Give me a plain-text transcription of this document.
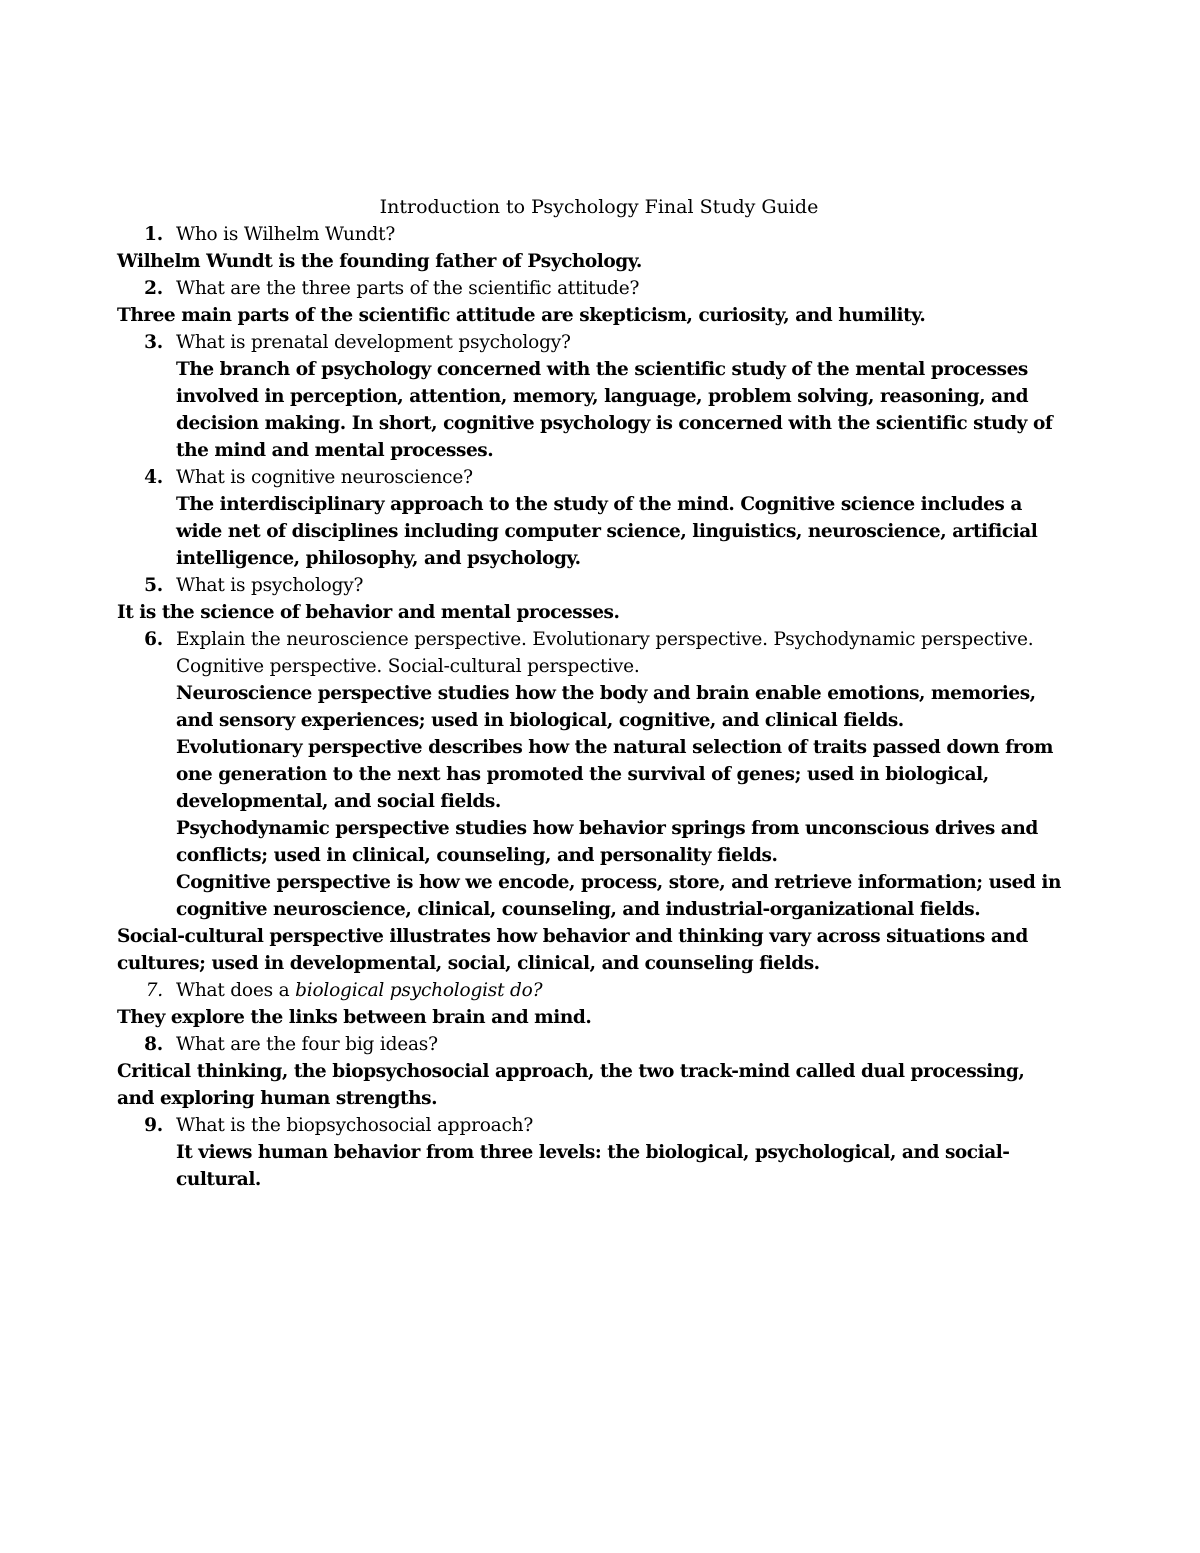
Introduction to Psychology Final Study Guide

1. Who is Wilhelm Wundt?

Wilhelm Wundt is the founding father of Psychology.

2. What are the three parts of the scientific attitude?

Three main parts of the scientific attitude are skepticism, curiosity, and humility.

3. What is prenatal development psychology?

The branch of psychology concerned with the scientific study of the mental processes involved in perception, attention, memory, language, problem solving, reasoning, and decision making. In short, cognitive psychology is concerned with the scientific study of the mind and mental processes.

4. What is cognitive neuroscience?

The interdisciplinary approach to the study of the mind. Cognitive science includes a wide net of disciplines including computer science, linguistics, neuroscience, artificial intelligence, philosophy, and psychology.

5. What is psychology?

It is the science of behavior and mental processes.

6. Explain the neuroscience perspective. Evolutionary perspective. Psychodynamic perspective. Cognitive perspective. Social-cultural perspective.

Neuroscience perspective studies how the body and brain enable emotions, memories, and sensory experiences; used in biological, cognitive, and clinical fields.

Evolutionary perspective describes how the natural selection of traits passed down from one generation to the next has promoted the survival of genes; used in biological, developmental, and social fields.

Psychodynamic perspective studies how behavior springs from unconscious drives and conflicts; used in clinical, counseling, and personality fields.

Cognitive perspective is how we encode, process, store, and retrieve information; used in cognitive neuroscience, clinical, counseling, and industrial-organizational fields.

Social-cultural perspective illustrates how behavior and thinking vary across situations and cultures; used in developmental, social, clinical, and counseling fields.

7. What does a biological psychologist do?

They explore the links between brain and mind.

8. What are the four big ideas?

Critical thinking, the biopsychosocial approach, the two track-mind called dual processing, and exploring human strengths.

9. What is the biopsychosocial approach?

It views human behavior from three levels: the biological, psychological, and social-cultural.
